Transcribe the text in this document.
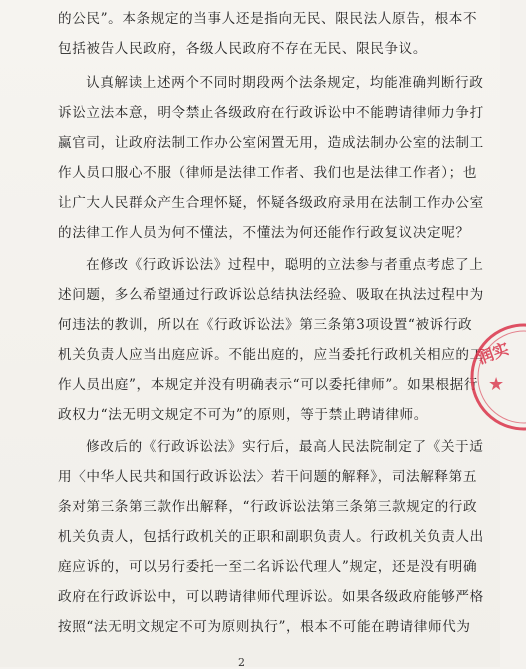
的公民”。本条规定的当事人还是指向无民、限民法人原告，根本不
包括被告人民政府，各级人民政府不存在无民、限民争议。

认真解读上述两个不同时期段两个法条规定，均能准确判断行政
诉讼立法本意，明令禁止各级政府在行政诉讼中不能聘请律师力争打
赢官司，让政府法制工作办公室闲置无用，造成法制办公室的法制工
作人员口服心不服（律师是法律工作者、我们也是法律工作者）；也
让广大人民群众产生合理怀疑，怀疑各级政府录用在法制工作办公室
的法律工作人员为何不懂法，不懂法为何还能作行政复议决定呢？

在修改《行政诉讼法》过程中，聪明的立法参与者重点考虑了上
述问题，多么希望通过行政诉讼总结执法经验、吸取在执法过程中为
何违法的教训，所以在《行政诉讼法》第三条第3项设置“被诉行政
机关负责人应当出庭应诉。不能出庭的，应当委托行政机关相应的工
作人员出庭”，本规定并没有明确表示“可以委托律师”。如果根据行
政权力“法无明文规定不可为”的原则，等于禁止聘请律师。

修改后的《行政诉讼法》实行后，最高人民法院制定了《关于适
用〈中华人民共和国行政诉讼法〉若干问题的解释》，司法解释第五
条对第三条第三款作出解释，“行政诉讼法第三条第三款规定的行政
机关负责人，包括行政机关的正职和副职负责人。行政机关负责人出
庭应诉的，可以另行委托一至二名诉讼代理人”规定，还是没有明确
政府在行政诉讼中，可以聘请律师代理诉讼。如果各级政府能够严格
按照“法无明文规定不可为原则执行”，根本不可能在聘请律师代为

润实
★
2
